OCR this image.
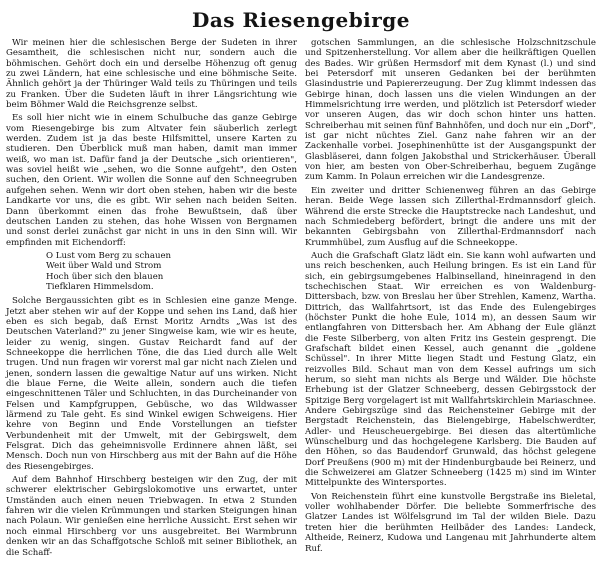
Das Riesengebirge

Wir meinen hier die schlesischen Berge der Sudeten in ihrer Gesamtheit, die schlesischen nicht nur, sondern auch die böhmischen. Gehört doch ein und derselbe Höhenzug oft genug zu zwei Ländern, hat eine schlesische und eine böhmische Seite. Ähnlich gehört ja der Thüringer Wald teils zu Thüringen und teils zu Franken. Über die Sudeten läuft in ihrer Längsrichtung wie beim Böhmer Wald die Reichsgrenze selbst.

Es soll hier nicht wie in einem Schulbuche das ganze Gebirge vom Riesengebirge bis zum Altvater fein säuberlich zerlegt werden. Zudem ist ja das beste Hilfsmittel, unsere Karten zu studieren. Den Überblick muß man haben, damit man immer weiß, wo man ist. Dafür fand ja der Deutsche „sich orientieren", was soviel heißt wie „sehen, wo die Sonne aufgeht", den Osten suchen, den Orient. Wir wollen die Sonne auf den Schneegruben aufgehen sehen. Wenn wir dort oben stehen, haben wir die beste Landkarte vor uns, die es gibt. Wir sehen nach beiden Seiten. Dann überkommt einen das frohe Bewußtsein, daß über deutschen Landen zu stehen, das hohe Wissen von Bergnamen und sonst derlei zunächst gar nicht in uns in den Sinn will. Wir empfinden mit Eichendorff:

O Lust vom Berg zu schauen
Weit über Wald und Strom
Hoch über sich den blauen
Tiefklaren Himmelsdom.

Solche Bergaussichten gibt es in Schlesien eine ganze Menge. Jetzt aber stehen wir auf der Koppe und sehen ins Land, daß hier eben es sich begab, daß Ernst Moritz Arndts „Was ist des Deutschen Vaterland?" zu jener Singweise kam, wie wir es heute, leider zu wenig, singen. Gustav Reichardt fand auf der Schneekoppe die herrlichen Töne, die das Lied durch alle Welt trugen. Und nun fragen wir vorerst mal gar nicht nach Zielen und jenen, sondern lassen die gewaltige Natur auf uns wirken. Nicht die blaue Ferne, die Weite allein, sondern auch die tiefen eingeschnittenen Täler und Schluchten, in das Durcheinander von Felsen und Kampfgruppen, Gebüsche, wo das Wildwasser lärmend zu Tale geht. Es sind Winkel ewigen Schweigens. Hier kehre von Beginn und Ende Vorstellungen an tiefster Verbundenheit mit der Umwelt, mit der Gebirgswelt, dem Felsgrat. Dich das geheimnisvolle Erdinnere ahnen läßt, sei Mensch. Doch nun von Hirschberg aus mit der Bahn auf die Höhe des Riesengebirges.

Auf dem Bahnhof Hirschberg besteigen wir den Zug, der mit schwerer elektrischer Gebirgslokomotive uns erwartet, unter Umständen auch einen neuen Triebwagen. In etwa 2 Stunden fahren wir die vielen Krümmungen und starken Steigungen hinan nach Polaun. Wir genießen eine herrliche Aussicht. Erst sehen wir noch einmal Hirschberg vor uns ausgebreitet. Bei Warmbrunn denken wir an das Schaffgotsche Schloß mit seiner Bibliothek, an die Schaff-

gotschen Sammlungen, an die schlesische Holzschnitzschule und Spitzenherstellung. Vor allem aber die heilkräftigen Quellen des Bades. Wir grüßen Hermsdorf mit dem Kynast (l.) und sind bei Petersdorf mit unseren Gedanken bei der berühmten Glasindustrie und Papiererzeugung. Der Zug klimmt indessen das Gebirge hinan, doch lassen uns die vielen Windungen an der Himmelsrichtung irre werden, und plötzlich ist Petersdorf wieder vor unseren Augen, das wir doch schon hinter uns hatten. Schreiberhau mit seinen fünf Bahnhöfen, und doch nur ein „Dorf", ist gar nicht nüchtes Ziel. Ganz nahe fahren wir an der Zackenhalle vorbei. Josephinenhütte ist der Ausgangspunkt der Glasbläserei, dann folgen Jakobsthal und Strickerhäuser. Überall von hier, am besten von Ober-Schreiberhau, beguem Zugänge zum Kamm. In Polaun erreichen wir die Landesgrenze.

Ein zweiter und dritter Schienenweg führen an das Gebirge heran. Beide Wege lassen sich Zillerthal-Erdmannsdorf gleich. Während die erste Strecke die Hauptstrecke nach Landeshut, und nach Schmiedeberg befördert, bringt die andere uns mit der bekannten Gebirgsbahn von Zillerthal-Erdmannsdorf nach Krummhübel, zum Ausflug auf die Schneekoppe.

Auch die Grafschaft Glatz lädt ein. Sie kann wohl aufwarten und uns reich beschenken, auch Heilung bringen. Es ist ein Land für sich, ein gebirgsumgebenes Halbinselland, hineinragend in den tschechischen Staat. Wir erreichen es von Waldenburg-Dittersbach, bzw. von Breslau her über Strehlen, Kamenz, Wartha. Dittrich, das Wallfahrtsort, ist das Ende des Eulengebirges (höchster Punkt die hohe Eule, 1014 m), an dessen Saum wir entlangfahren von Dittersbach her. Am Abhang der Eule glänzt die Feste Silberberg, von alten Fritz ins Gestein gesprengt. Die Grafschaft bildet einen Kessel, auch genannt die „goldene Schüssel". In ihrer Mitte liegen Stadt und Festung Glatz, ein reizvolles Bild. Schaut man von dem Kessel aufrings um sich herum, so sieht man nichts als Berge und Wälder. Die höchste Erhebung ist der Glatzer Schneeberg, dessen Gebirgsstock der Spitzige Berg vorgelagert ist mit Wallfahrtskirchlein Mariaschnee. Andere Gebirgszüge sind das Reichensteiner Gebirge mit der Bergstadt Reichenstein, das Bielengebirge, Habelschwerdter, Adler- und Heuscheuergebirge. Bei diesen das altertümliche Wünschelburg und das hochgelegene Karlsberg. Die Bauden auf den Höhen, so das Baudendorf Grunwald, das höchst gelegene Dorf Preußens (900 m) mit der Hindenburgbaude bei Reinerz, und die Schweizerei am Glatzer Schneeberg (1425 m) sind im Winter Mittelpunkte des Wintersportes.

Von Reichenstein führt eine kunstvolle Bergstraße ins Bieletal, voller wohlhabender Dörfer. Die beliebte Sommerfrische des Glatzer Landes ist Wölfelsgrund im Tal der wilden Biele. Dazu treten hier die berühmten Heilbäder des Landes: Landeck, Altheide, Reinerz, Kudowa und Langenau mit Jahrhunderte altem Ruf.
